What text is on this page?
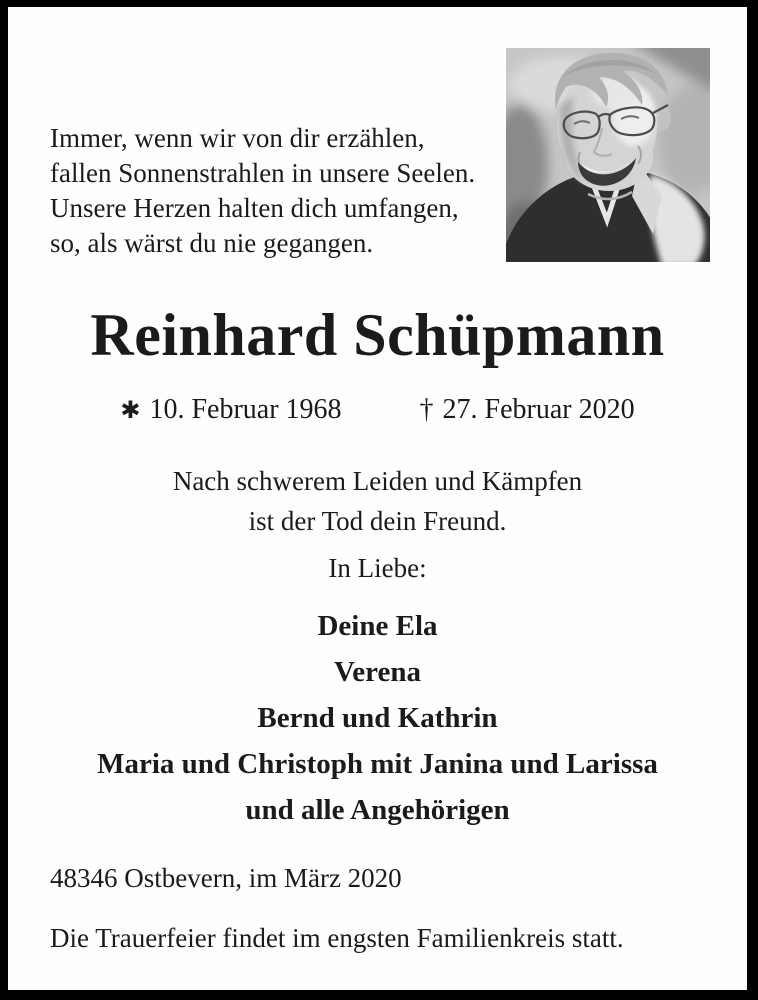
Immer, wenn wir von dir erzählen,
fallen Sonnenstrahlen in unsere Seelen.
Unsere Herzen halten dich umfangen,
so, als wärst du nie gegangen.
Reinhard Schüpmann
✱ 10. Februar 1968	† 27. Februar 2020
Nach schwerem Leiden und Kämpfen
ist der Tod dein Freund.
In Liebe:
Deine Ela
Verena
Bernd und Kathrin
Maria und Christoph mit Janina und Larissa
und alle Angehörigen
48346 Ostbevern, im März 2020
Die Trauerfeier findet im engsten Familienkreis statt.
